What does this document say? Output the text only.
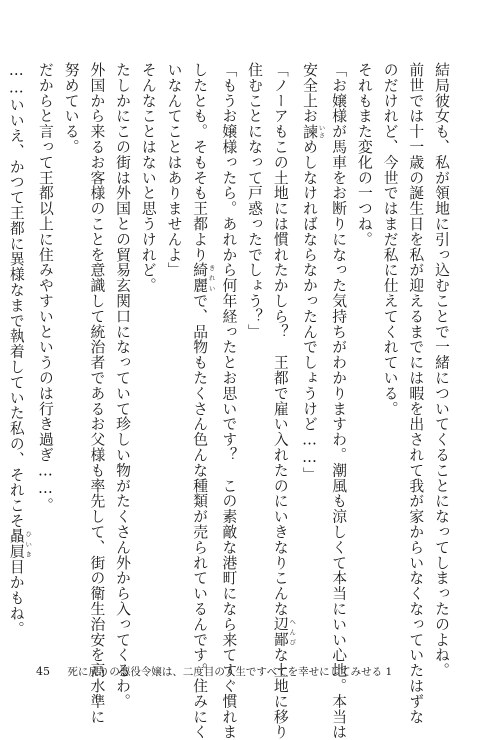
結局彼女も、私が領地に引っ込むことで一緒についてくることになってしまったのよね。
前世では十一歳の誕生日を私が迎えるまでには暇を出されて我が家からいなくなっていたはずな
のだけれど、今世ではまだ私に仕えてくれている。
それもまた変化の一つね。
「お嬢様が馬車をお断りになった気持ちがわかりますわ。潮風も涼しくて本当にいい心地。本当は
安全上お諫 いさめしなければならなかったんでしょうけど……」
「ノーアもこの土地には慣れたかしら？　王都で雇い入れたのにいきなりこんな辺鄙 へんぴな土地に移り
住むことになって戸惑ったでしょう？」
「もうお嬢様ったら。あれから何年経ったとお思いです？　この素敵な港町になら来てすぐ慣れま
したとも。そもそも王都より綺麗 きれいで、品物もたくさん色んな種類が売られているんです。住みにく
いなんてことはありませんよ」
そんなことはないと思うけれど。
たしかにこの街は外国との貿易玄関口になっていて珍しい物がたくさん外から入ってくるわ。
外国から来るお客様のことを意識して統治者であるお父様も率先して、街の衛生治安を高水準に
努めている。
だからと言って王都以上に住みやすいというのは行き過ぎ……。
……いいえ、かつて王都に異様なまで執着していた私の、それこそ贔屓 ひいき目かもね。
45 死に戻りの悪役令嬢は、二度目の人生ですべてを幸せにしてみせる 1
